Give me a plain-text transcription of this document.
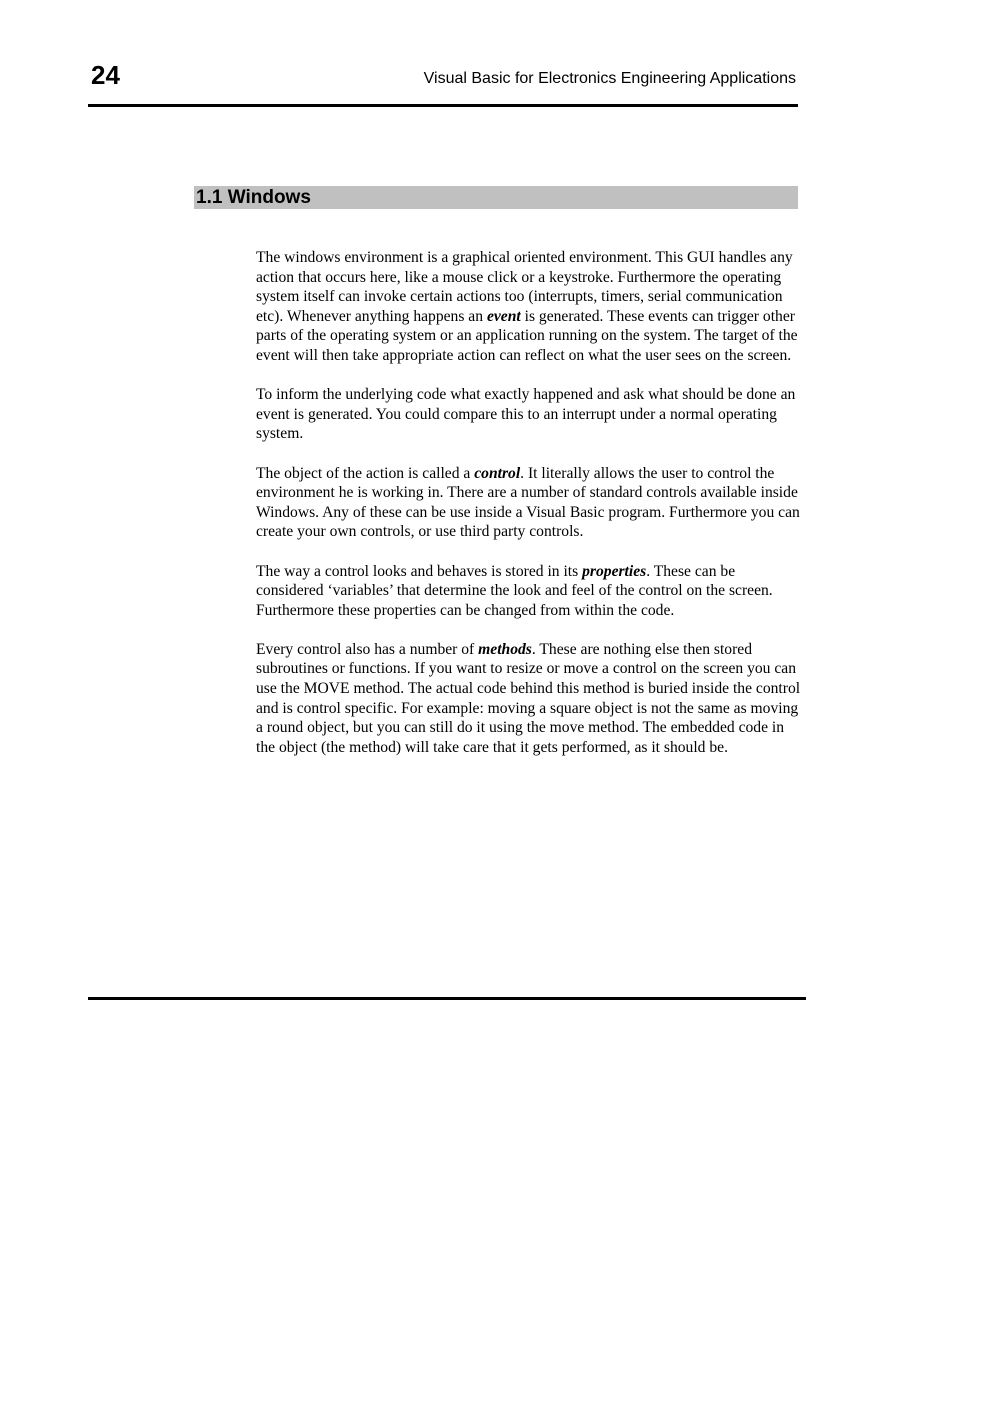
24	Visual Basic for Electronics Engineering Applications
1.1 Windows

The windows environment is a graphical oriented environment. This GUI handles any action that occurs here, like a mouse click or a keystroke. Furthermore the operating system itself can invoke certain actions too (interrupts, timers, serial communication etc). Whenever anything happens an event is generated. These events can trigger other parts of the operating system or an application running on the system. The target of the event will then take appropriate action can reflect on what the user sees on the screen.

To inform the underlying code what exactly happened and ask what should be done an event is generated. You could compare this to an interrupt under a normal operating system.

The object of the action is called a control. It literally allows the user to control the environment he is working in. There are a number of standard controls available inside Windows. Any of these can be use inside a Visual Basic program. Furthermore you can create your own controls, or use third party controls.

The way a control looks and behaves is stored in its properties. These can be considered ‘variables’ that determine the look and feel of the control on the screen. Furthermore these properties can be changed from within the code.

Every control also has a number of methods. These are nothing else then stored subroutines or functions. If you want to resize or move a control on the screen you can use the MOVE method. The actual code behind this method is buried inside the control and is control specific. For example: moving a square object is not the same as moving a round object, but you can still do it using the move method. The embedded code in the object (the method) will take care that it gets performed, as it should be.
